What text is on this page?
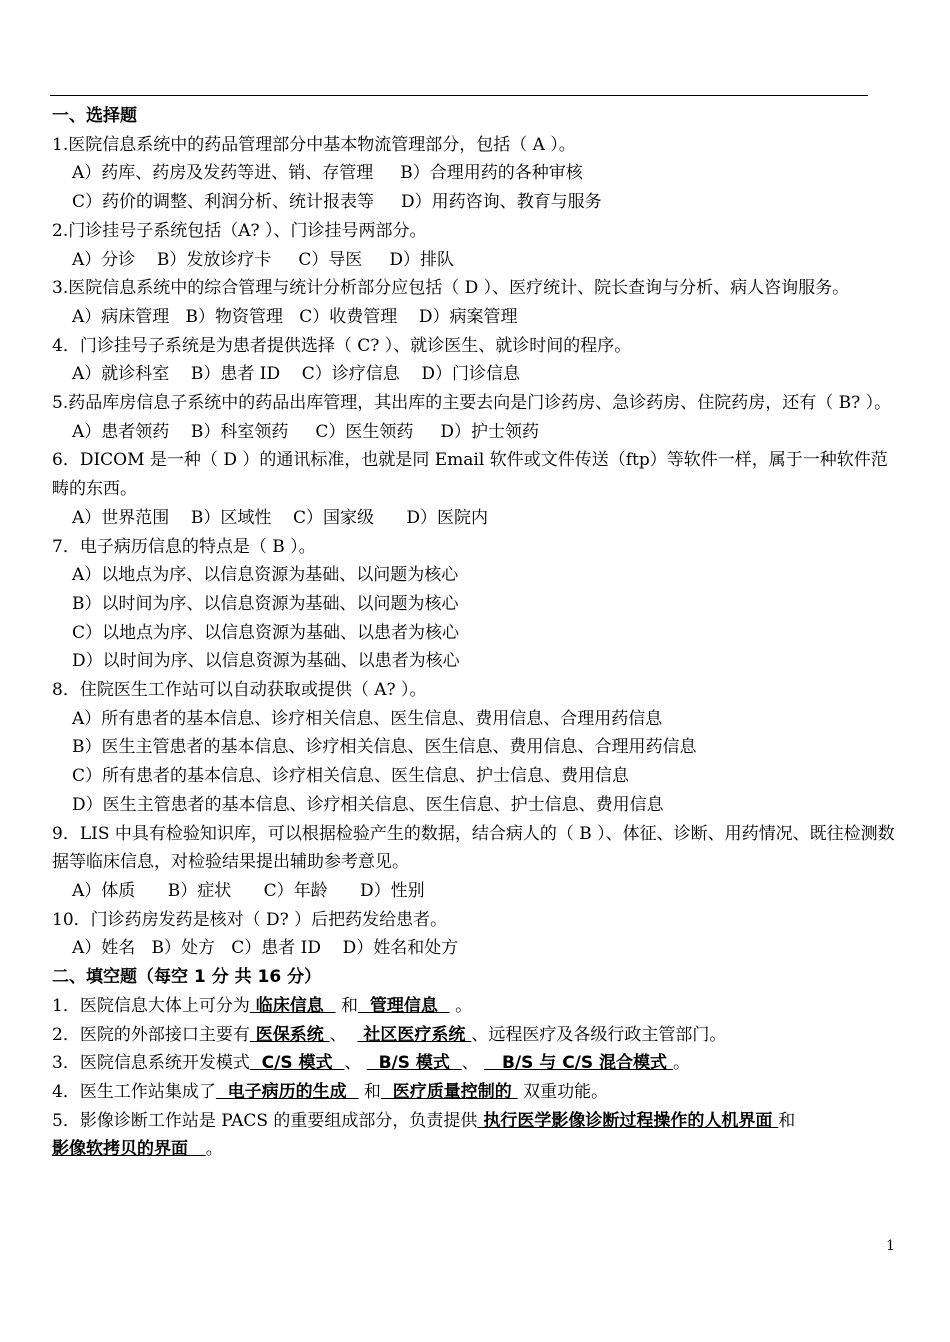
一、选择题
1.医院信息系统中的药品管理部分中基本物流管理部分，包括（ A ）。
A）药库、药房及发药等进、销、存管理     B）合理用药的各种审核
C）药价的调整、利润分析、统计报表等     D）用药咨询、教育与服务
2.门诊挂号子系统包括（A? ）、门诊挂号两部分。
A）分诊    B）发放诊疗卡     C）导医     D）排队
3.医院信息系统中的综合管理与统计分析部分应包括（ D ）、医疗统计、院长查询与分析、病人咨询服务。
A）病床管理   B）物资管理   C）收费管理    D）病案管理
4．门诊挂号子系统是为患者提供选择（ C? ）、就诊医生、就诊时间的程序。
A）就诊科室    B）患者 ID    C）诊疗信息    D）门诊信息
5.药品库房信息子系统中的药品出库管理，其出库的主要去向是门诊药房、急诊药房、住院药房，还有（ B? ）。
A）患者领药    B）科室领药     C）医生领药     D）护士领药
6．DICOM 是一种（ D ）的通讯标准，也就是同 Email 软件或文件传送（ftp）等软件一样，属于一种软件范畴的东西。
A）世界范围    B）区域性    C）国家级      D）医院内
7．电子病历信息的特点是（ B ）。
A）以地点为序、以信息资源为基础、以问题为核心
B）以时间为序、以信息资源为基础、以问题为核心
C）以地点为序、以信息资源为基础、以患者为核心
D）以时间为序、以信息资源为基础、以患者为核心
8．住院医生工作站可以自动获取或提供（ A? ）。
A）所有患者的基本信息、诊疗相关信息、医生信息、费用信息、合理用药信息
B）医生主管患者的基本信息、诊疗相关信息、医生信息、费用信息、合理用药信息
C）所有患者的基本信息、诊疗相关信息、医生信息、护士信息、费用信息
D）医生主管患者的基本信息、诊疗相关信息、医生信息、护士信息、费用信息
9．LIS 中具有检验知识库，可以根据检验产生的数据，结合病人的（ B ）、体征、诊断、用药情况、既往检测数据等临床信息，对检验结果提出辅助参考意见。
A）体质      B）症状      C）年龄      D）性别
10．门诊药房发药是核对（ D? ）后把药发给患者。
A）姓名   B）处方   C）患者 ID    D）姓名和处方
二、填空题（每空 1 分 共 16 分）
1．医院信息大体上可分为 临床信息   和  管理信息   。
2．医院的外部接口主要有 医保系统 、   社区医疗系统 、远程医疗及各级行政主管部门。
3．医院信息系统开发模式  C/S 模式  、   B/S 模式  、    B/S 与 C/S 混合模式 。
4．医生工作站集成了  电子病历的生成   和  医疗质量控制的  双重功能。
5．影像诊断工作站是 PACS 的重要组成部分，负责提供 执行医学影像诊断过程操作的人机界面 和影像软拷贝的界面   。
1
